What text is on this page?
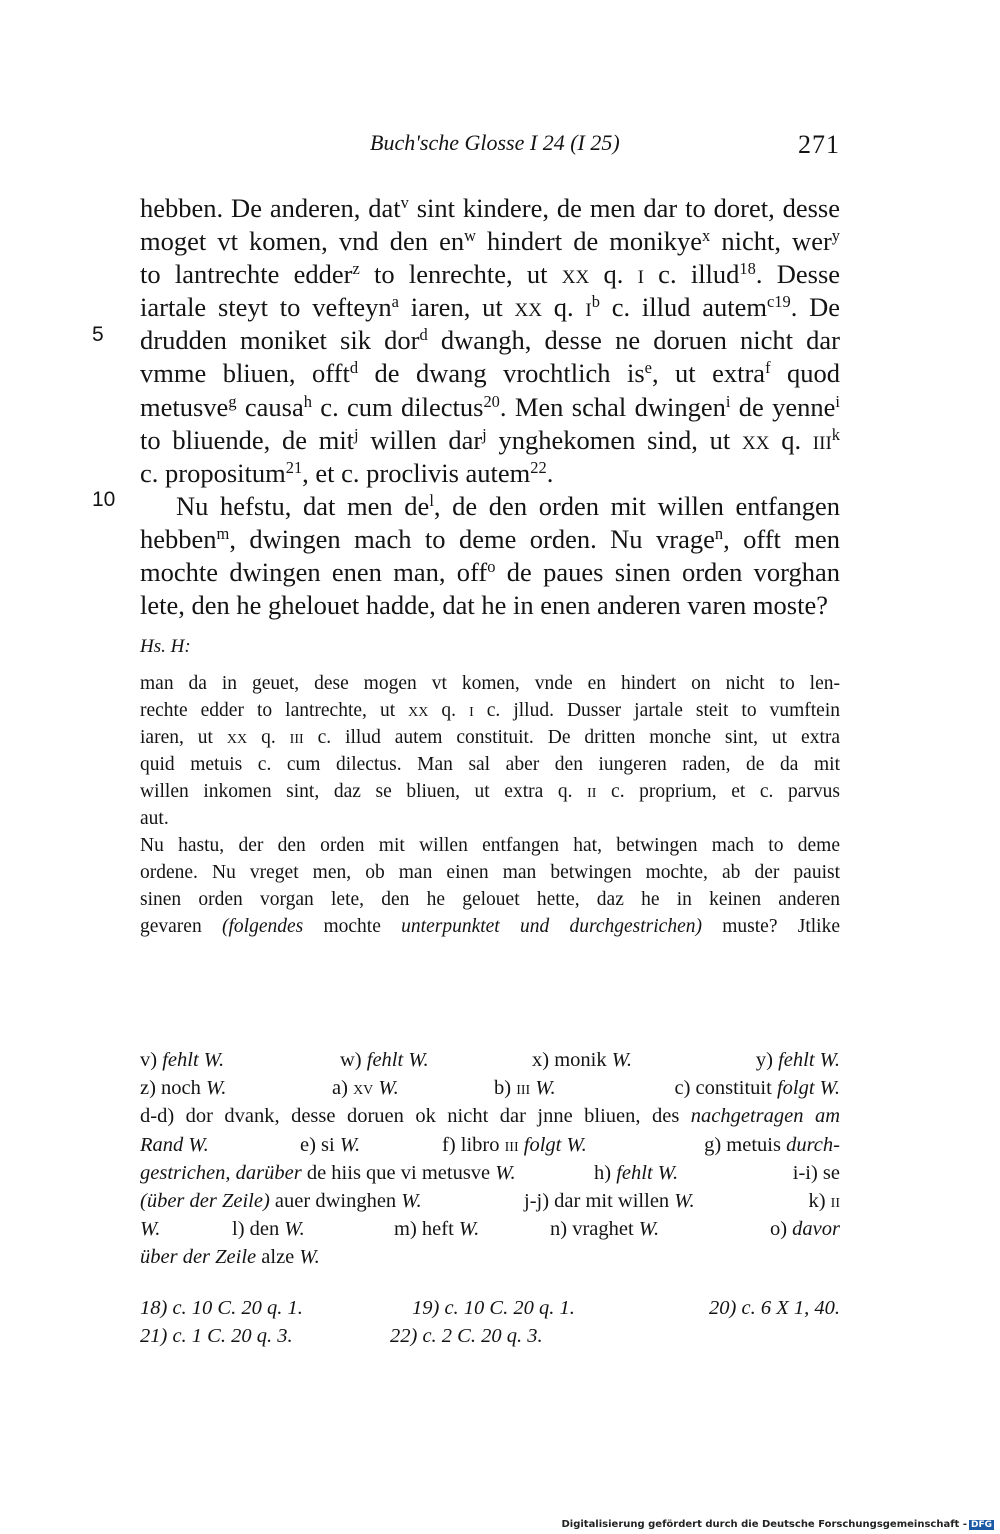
Buch'sche Glosse I 24 (I 25)	271
5
10
hebben. De anderen, dat$^v$ sint kindere, de men dar to doret, desse
moget vt komen, vnd den $en^w$ hindert de monikye$^x$ nicht, wer$^y$
to lantrechte edder$^z$ to lenrechte, ut xx q. i c. illud$^{18}$. Desse
iartale steyt to vefteyn$^a$ iaren, ut xx q. $i^b$ c. illud autem$^{c19}$. De
drudden moniket sik dor$^d$ dwangh, desse ne doruen nicht dar
vmme bliuen, offt$^d$ de dwang vrochtlich $is^e$, ut extra$^f$ quod
metusve$^g$ causa$^h$ c. cum dilectus$^{20}$. Men schal dwingen$^i$ de yenne$^i$
to bliuende, de mit$^j$ willen dar$^j$ ynghekomen sind, ut xx q. iii$^k$
c. propositum$^{21}$, et c. proclivis autem$^{22}$.
Nu hefstu, dat men $de^l$, de den orden mit willen entfangen
hebben$^m$, dwingen mach to deme orden. Nu vrage$^n$, offt men
mochte dwingen enen man, off$^o$ de paues sinen orden vorghan
lete, den he ghelouet hadde, dat he in enen anderen varen moste?
Hs. H:
man da in geuet, dese mogen vt komen, vnde en hindert on nicht to len-
rechte edder to lantrechte, ut xx q. i c. jllud. Dusser jartale steit to vumftein
iaren, ut xx q. iii c. illud autem constituit. De dritten monche sint, ut extra
quid metuis c. cum dilectus. Man sal aber den iungeren raden, de da mit
willen inkomen sint, daz se bliuen, ut extra q. ii c. proprium, et c. parvus
aut.
Nu hastu, der den orden mit willen entfangen hat, betwingen mach to deme
ordene. Nu vreget men, ob man einen man betwingen mochte, ab der pauist
sinen orden vorgan lete, den he gelouet hette, daz he in keinen anderen
gevaren (folgendes mochte unterpunktet und durchgestrichen) muste? Jtlike
v) fehlt W.	w) fehlt W.	x) monik W.	y) fehlt W.
z) noch W.	a) xv W.	b) iii W.	c) constituit folgt W.
d-d) dor dvank, desse doruen ok nicht dar jnne bliuen, des nachgetragen am
Rand W.	e) si W.	f) libro iii folgt W.	g) metuis durch-
gestrichen, darüber de hiis que vi metusve W.	h) fehlt W.	i-i) se
(über der Zeile) auer dwinghen W.	j-j) dar mit willen W.	k) ii
W.	l) den W.	m) heft W.	n) vraghet W.	o) davor
über der Zeile alze W.
18) c. 10 C. 20 q. 1.	19) c. 10 C. 20 q. 1.	20) c. 6 X 1, 40.
21) c. 1 C. 20 q. 3.	22) c. 2 C. 20 q. 3.
Digitalisierung gefördert durch die Deutsche Forschungsgemeinschaft - DFG
